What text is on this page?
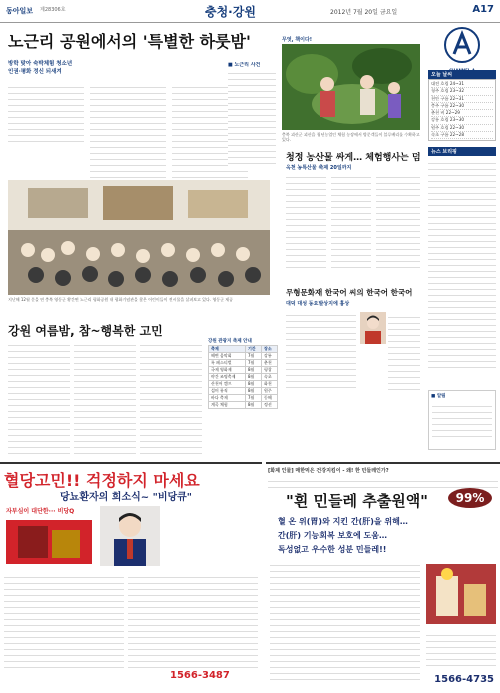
동아일보 제28306호	충청·강원	2012년 7월 20일 금요일	A17
노근리 공원에서의 '특별한 하룻밤'
방학 맞아 숙박체험 청소년
인권·평화 정신 되새겨
지난해 12월 문을 연 충북 영동군 황간면 노근리 평화공원 내 평화기념관을 찾은 어린이들이 전시물을 살펴보고 있다. 영동군 제공
■ 노근리 사건
무엇, 책이다!
충북 괴산군 괴산읍 청년농업인 체험 농장에서 방문객들이 블루베리를 수확하고 있다.
청정 농산물 싸게… 체험행사는 덤
옥천 농특산물 축제 20일까지
무형문화재 한국어 씨의 한국어 한국어
대덕 대성 동요발상지에 흉상
강원 여름밤, 참~행복한 고민
강원 관광지 축제 안내
축제	기간	장소
해변 음악회	7월	강릉
록 페스티벌	7월	춘천
국제 영화제	8월	평창
야간 조명축제	8월	속초
산천어 캠프	8월	화천
섬머 뮤직	8월	원주
바다 축제	7월	동해
계곡 체험	8월	정선
CHANNEL A
오늘 날씨
대전 흐림 24~31
청주 흐림 23~32
천안 구름 22~31
충주 구름 22~30
춘천 비 22~29
강릉 흐림 23~30
원주 흐림 22~30
속초 구름 22~28
뉴스 브리핑
■ 알림
혈당고민!! 걱정하지 마세요
당뇨환자의 희소식~ "비당큐"
자부심이 대단한··· 비당Q
1566-3487
[화제 인물] 매한먹은 건강지킴이 - 왜! 한 민들레인가?
"흰 민들레 추출원액"	99%
혈 온 위(胃)와 지킨 간(肝)을 위해…
간(肝) 기능회복 보호에 도움…
독성없고 우수한 성분 민들레!!
1566-4735
